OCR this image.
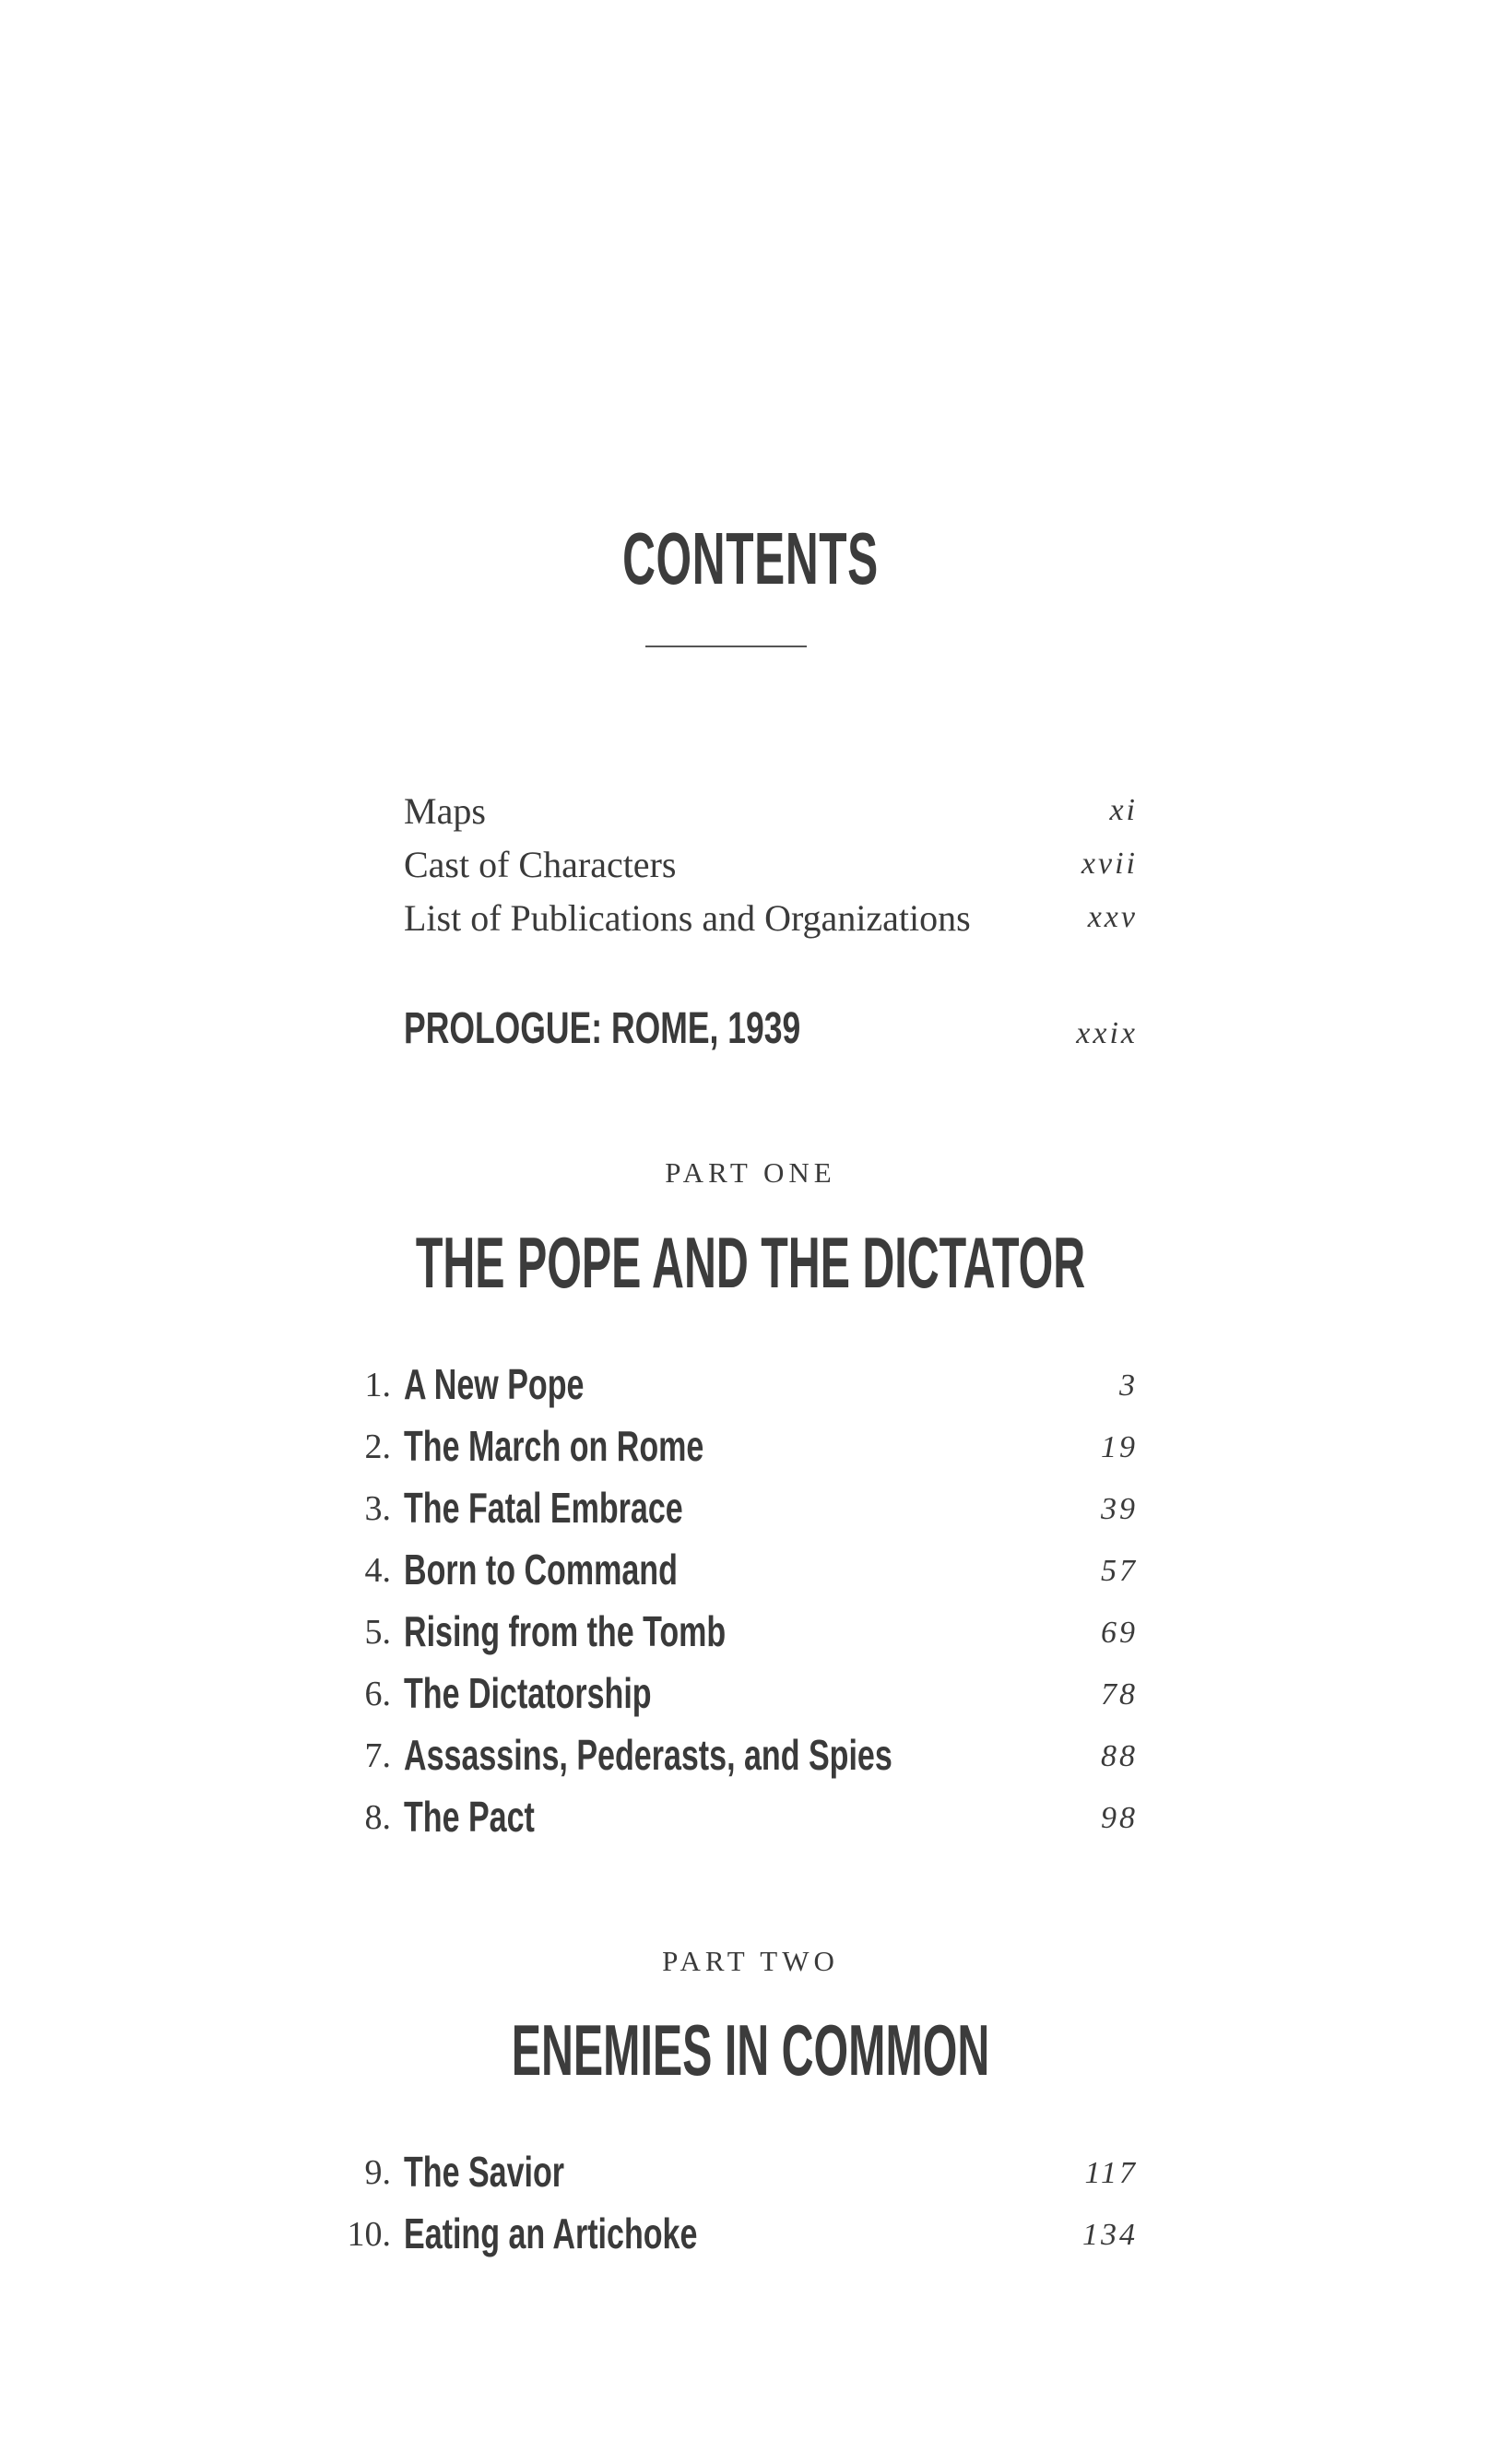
CONTENTS
Maps	xi
Cast of Characters	xvii
List of Publications and Organizations	xxv
PROLOGUE: ROME, 1939	xxix
PART ONE
THE POPE AND THE DICTATOR
1. A New Pope	3
2. The March on Rome	19
3. The Fatal Embrace	39
4. Born to Command	57
5. Rising from the Tomb	69
6. The Dictatorship	78
7. Assassins, Pederasts, and Spies	88
8. The Pact	98
PART TWO
ENEMIES IN COMMON
9. The Savior	117
10. Eating an Artichoke	134
